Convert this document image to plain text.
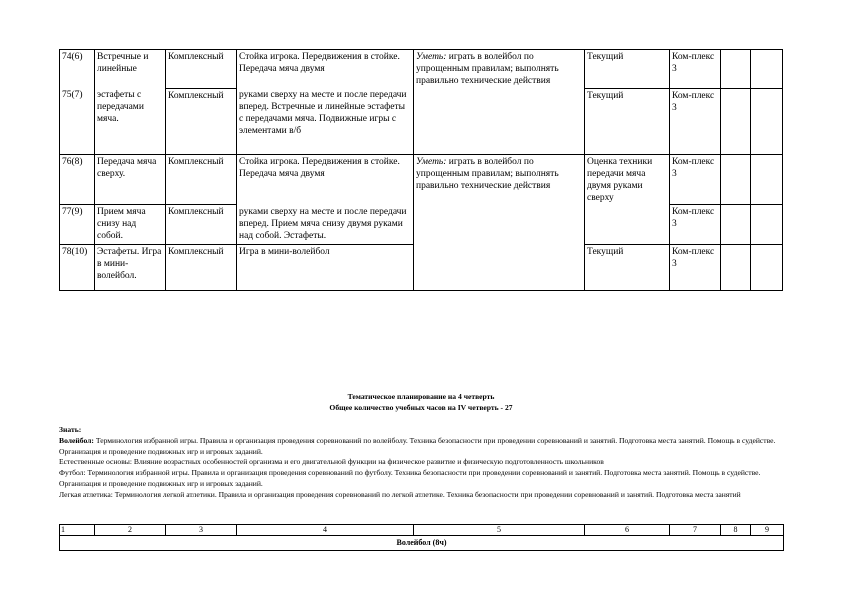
74(6)	Встречные и линейные	Комплексный	Стойка игрока. Передвижения в стойке. Передача мяча двумя	Уметь: играть в волейбол по упрощенным правилам; выполнять правильно технические действия	Текущий	Ком-плекс 3		
75(7)	эстафеты с передачами мяча.	Комплексный	руками сверху на месте и после передачи вперед. Встречные и линейные эстафеты с передачами мяча. Подвижные игры с элементами в/б		Текущий	Ком-плекс 3		
76(8)	Передача мяча сверху.	Комплексный	Стойка игрока. Передвижения в стойке. Передача мяча двумя	Уметь: играть в волейбол по упрощенным правилам; выполнять правильно технические действия	Оценка техники передачи мяча двумя руками сверху	Ком-плекс 3		
77(9)	Прием мяча снизу над собой.	Комплексный	руками сверху на месте и после передачи вперед. Прием мяча снизу двумя руками над собой. Эстафеты.			Ком-плекс 3		
78(10)	Эстафеты. Игра в мини-волейбол.	Комплексный	Игра в мини-волейбол		Текущий	Ком-плекс 3		
Тематическое планирование на 4 четверть
Общее количество учебных часов на IV четверть - 27

Знать:

Волейбол: Терминология избранной игры. Правила и организация проведения соревнований по волейболу. Техника безопасности при проведении соревнований и занятий. Подготовка места занятий. Помощь в судействе. Организация и проведение подвижных игр и игровых заданий.

Естественные основы: Влияние возрастных особенностей организма и его двигательной функции на физическое развитие и физическую подготовленность школьников

Футбол: Терминология избранной игры. Правила и организация проведения соревнований по футболу. Техника безопасности при проведении соревнований и занятий. Подготовка места занятий. Помощь в судействе. Организация и проведение подвижных игр и игровых заданий.

Легкая атлетика: Терминология легкой атлетики. Правила и организация проведения соревнований по легкой атлетике. Техника безопасности при проведении соревнований и занятий. Подготовка места занятий

1	2	3	4	5	6	7	8	9
Волейбол (8ч)
